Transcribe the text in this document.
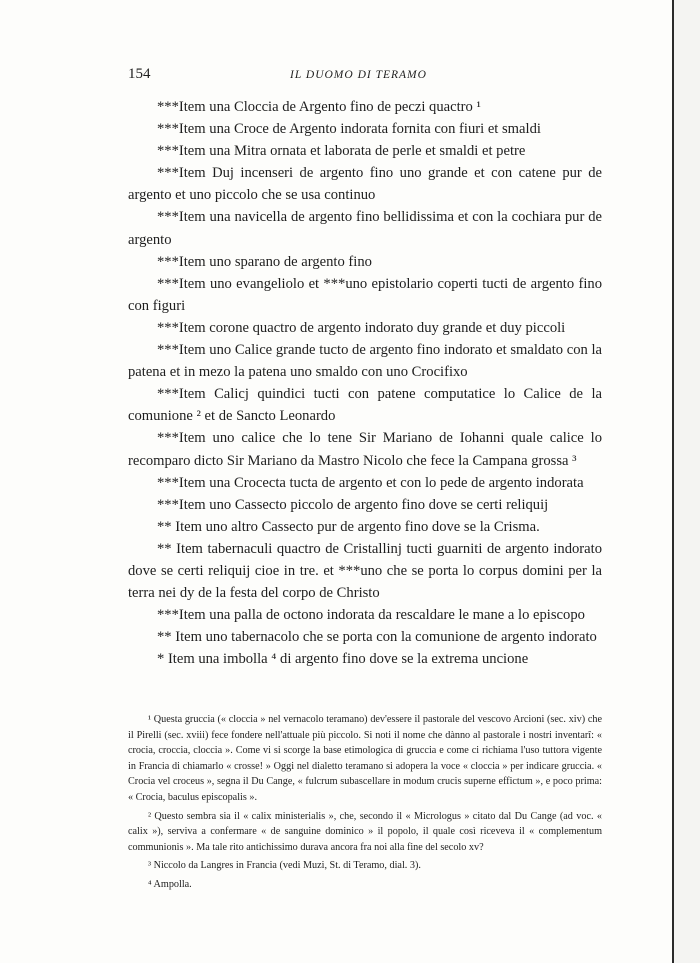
154	IL DUOMO DI TERAMO

***Item una Cloccia de Argento fino de peczi quactro ¹

***Item una Croce de Argento indorata fornita con fiuri et smaldi

***Item una Mitra ornata et laborata de perle et smaldi et petre

***Item Duj incenseri de argento fino uno grande et con catene pur de argento et uno piccolo che se usa continuo

***Item una navicella de argento fino bellidissima et con la cochiara pur de argento

***Item uno sparano de argento fino

***Item uno evangeliolo et ***uno epistolario coperti tucti de argento fino con figuri

***Item corone quactro de argento indorato duy grande et duy piccoli

***Item uno Calice grande tucto de argento fino indorato et smaldato con la patena et in mezo la patena uno smaldo con uno Crocifixo

***Item Calicj quindici tucti con patene computatice lo Calice de la comunione ² et de Sancto Leonardo

***Item uno calice che lo tene Sir Mariano de Iohanni quale calice lo recomparo dicto Sir Mariano da Mastro Nicolo che fece la Campana grossa ³

***Item una Crocecta tucta de argento et con lo pede de argento indorata

***Item uno Cassecto piccolo de argento fino dove se certi reliquij

** Item uno altro Cassecto pur de argento fino dove se la Crisma.

** Item tabernaculi quactro de Cristallinj tucti guarniti de argento indorato dove se certi reliquij cioe in tre. et ***uno che se porta lo corpus domini per la terra nei dy de la festa del corpo de Christo

***Item una palla de octono indorata da rescaldare le mane a lo episcopo

** Item uno tabernacolo che se porta con la comunione de argento indorato

* Item una imbolla ⁴ di argento fino dove se la extrema uncione

¹ Questa gruccia (« cloccia » nel vernacolo teramano) dev'essere il pastorale del vescovo Arcioni (sec. xiv) che il Pirelli (sec. xviii) fece fondere nell'attuale più piccolo. Si noti il nome che dànno al pastorale i nostri inventarî: « crocia, croccia, cloccia ». Come vi si scorge la base etimologica di gruccia e come ci richiama l'uso tuttora vigente in Francia di chiamarlo « crosse! » Oggi nel dialetto teramano si adopera la voce « cloccia » per indicare gruccia. « Crocia vel croceus », segna il Du Cange, « fulcrum subascellare in modum crucis superne effictum », e poco prima: « Crocia, baculus episcopalis ».

² Questo sembra sia il « calix ministerialis », che, secondo il « Micrologus » citato dal Du Cange (ad voc. « calix »), serviva a confermare « de sanguine dominico » il popolo, il quale così riceveva il « complementum communionis ». Ma tale rito antichissimo durava ancora fra noi alla fine del secolo xv?

³ Niccolo da Langres in Francia (vedi Muzi, St. di Teramo, dial. 3).

⁴ Ampolla.
